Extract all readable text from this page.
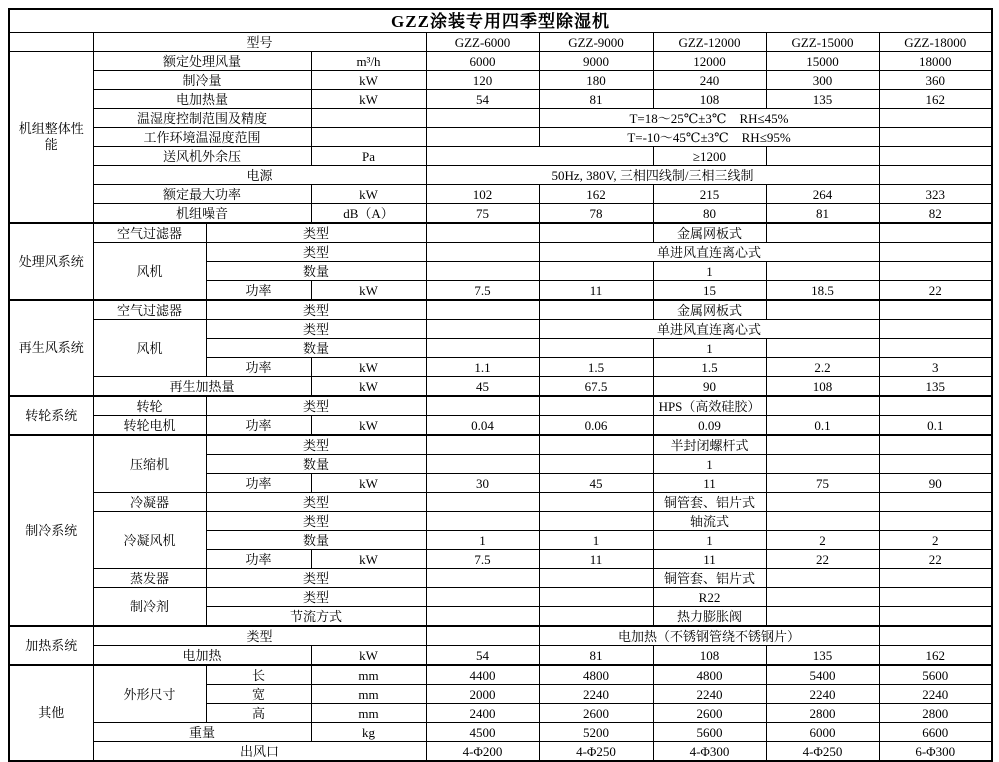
GZZ涂装专用四季型除湿机								
	型号			GZZ-6000	GZZ-9000	GZZ-12000	GZZ-15000	GZZ-18000
机组整体性能	额定处理风量		m³/h	6000	9000	12000	15000	18000
	制冷量		kW	120	180	240	300	360
	电加热量		kW	54	81	108	135	162
	温湿度控制范围及精度				T=18～25℃±3℃　RH≤45%			
	工作环境温湿度范围				T=-10～45℃±3℃　RH≤95%			
	送风机外余压		Pa			≥1200		
	电源			50Hz, 380V, 三相四线制/三相三线制				
	额定最大功率		kW	102	162	215	264	323
	机组噪音		dB（A）	75	78	80	81	82
处理风系统	空气过滤器	类型				金属网板式		
	风机	类型			单进风直连离心式			
		数量				1		
		功率	kW	7.5	11	15	18.5	22
再生风系统	空气过滤器	类型				金属网板式		
	风机	类型			单进风直连离心式			
		数量				1		
		功率	kW	1.1	1.5	1.5	2.2	3
	再生加热量		kW	45	67.5	90	108	135
转轮系统	转轮	类型				HPS（高效硅胶）		
	转轮电机	功率	kW	0.04	0.06	0.09	0.1	0.1
制冷系统	压缩机	类型				半封闭螺杆式		
		数量				1		
		功率	kW	30	45	11	75	90
	冷凝器	类型				铜管套、铝片式		
	冷凝风机	类型				轴流式		
		数量		1	1	1	2	2
		功率	kW	7.5	11	11	22	22
	蒸发器	类型				铜管套、铝片式		
	制冷剂	类型				R22		
		节流方式				热力膨胀阀		
加热系统	类型				电加热（不锈钢管绕不锈钢片）			
	电加热		kW	54	81	108	135	162
其他	外形尺寸	长	mm	4400	4800	4800	5400	5600
		宽	mm	2000	2240	2240	2240	2240
		高	mm	2400	2600	2600	2800	2800
	重量		kg	4500	5200	5600	6000	6600
	出风口			4-Φ200	4-Φ250	4-Φ300	4-Φ250	6-Φ300
